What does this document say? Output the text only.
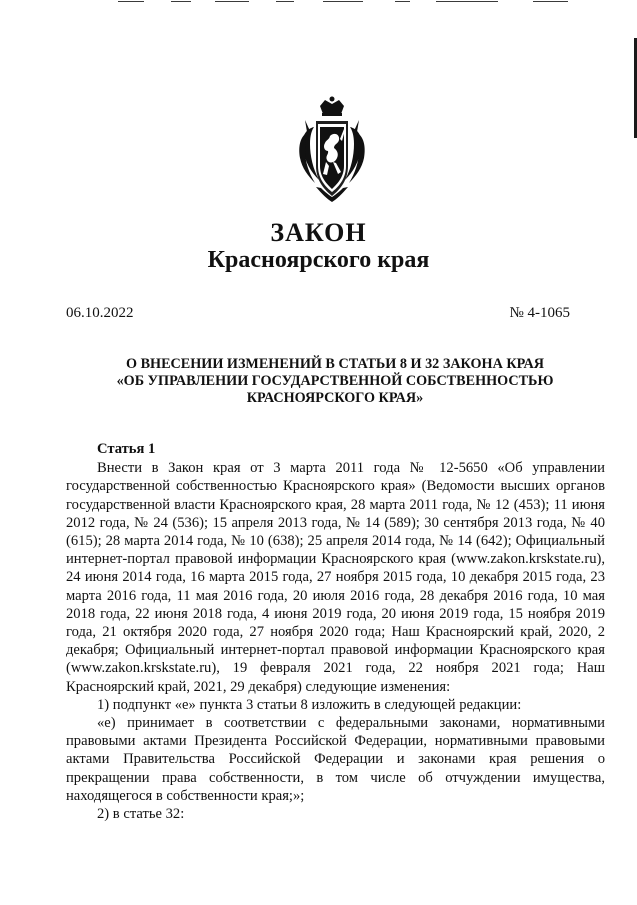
ЗАКОН
Красноярского края
06.10.2022	№ 4-1065
О ВНЕСЕНИИ ИЗМЕНЕНИЙ В СТАТЬИ 8 И 32 ЗАКОНА КРАЯ
«ОБ УПРАВЛЕНИИ ГОСУДАРСТВЕННОЙ СОБСТВЕННОСТЬЮ
КРАСНОЯРСКОГО КРАЯ»
Статья 1

Внести в Закон края от 3 марта 2011 года № 12-5650 «Об управлении государственной собственностью Красноярского края» (Ведомости высших органов государственной власти Красноярского края, 28 марта 2011 года, № 12 (453); 11 июня 2012 года, № 24 (536); 15 апреля 2013 года, № 14 (589); 30 сентября 2013 года, № 40 (615); 28 марта 2014 года, № 10 (638); 25 апреля 2014 года, № 14 (642); Официальный интернет-портал правовой информации Красноярского края (www.zakon.krskstate.ru), 24 июня 2014 года, 16 марта 2015 года, 27 ноября 2015 года, 10 декабря 2015 года, 23 марта 2016 года, 11 мая 2016 года, 20 июля 2016 года, 28 декабря 2016 года, 10 мая 2018 года, 22 июня 2018 года, 4 июня 2019 года, 20 июня 2019 года, 15 ноября 2019 года, 21 октября 2020 года, 27 ноября 2020 года; Наш Красноярский край, 2020, 2 декабря; Официальный интернет-портал правовой информации Красноярского края (www.zakon.krskstate.ru), 19 февраля 2021 года, 22 ноября 2021 года; Наш Красноярский край, 2021, 29 декабря) следующие изменения:

1) подпункт «е» пункта 3 статьи 8 изложить в следующей редакции:

«е) принимает в соответствии с федеральными законами, нормативными правовыми актами Президента Российской Федерации, нормативными правовыми актами Правительства Российской Федерации и законами края решения о прекращении права собственности, в том числе об отчуждении имущества, находящегося в собственности края;»;

2) в статье 32:
